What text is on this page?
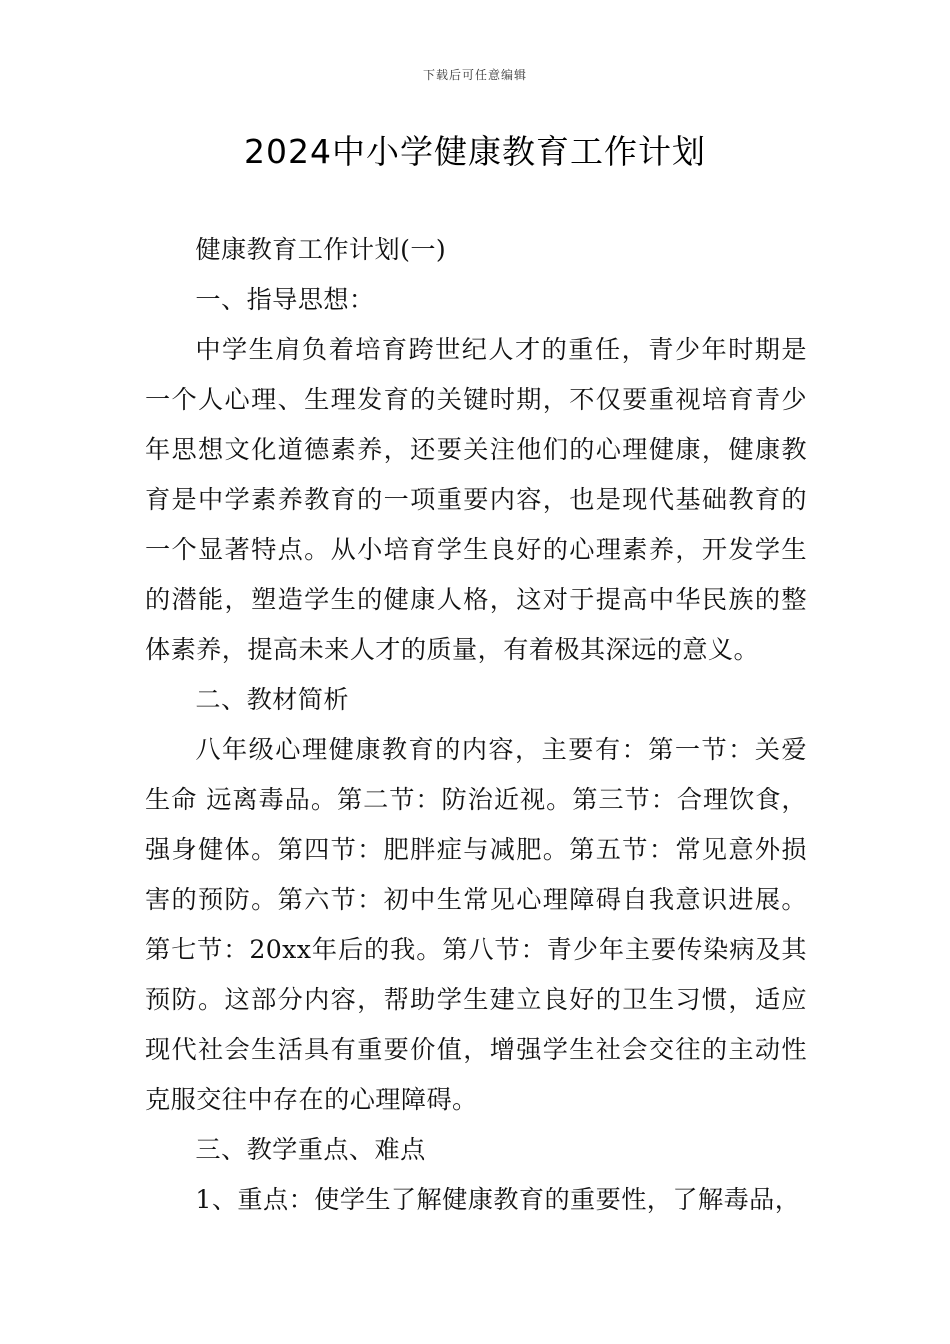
下载后可任意编辑
2024中小学健康教育工作计划

健康教育工作计划(一)

一、指导思想：

中学生肩负着培育跨世纪人才的重任，青少年时期是一个人心理、生理发育的关键时期，不仅要重视培育青少年思想文化道德素养，还要关注他们的心理健康，健康教育是中学素养教育的一项重要内容，也是现代基础教育的一个显著特点。从小培育学生良好的心理素养，开发学生的潜能，塑造学生的健康人格，这对于提高中华民族的整体素养，提高未来人才的质量，有着极其深远的意义。

二、教材简析

八年级心理健康教育的内容，主要有：第一节：关爱生命 远离毒品。第二节：防治近视。第三节：合理饮食，强身健体。第四节：肥胖症与减肥。第五节：常见意外损害的预防。第六节：初中生常见心理障碍自我意识进展。第七节：20xx年后的我。第八节：青少年主要传染病及其预防。这部分内容，帮助学生建立良好的卫生习惯，适应现代社会生活具有重要价值，增强学生社会交往的主动性克服交往中存在的心理障碍。

三、教学重点、难点

1、重点：使学生了解健康教育的重要性，了解毒品，
